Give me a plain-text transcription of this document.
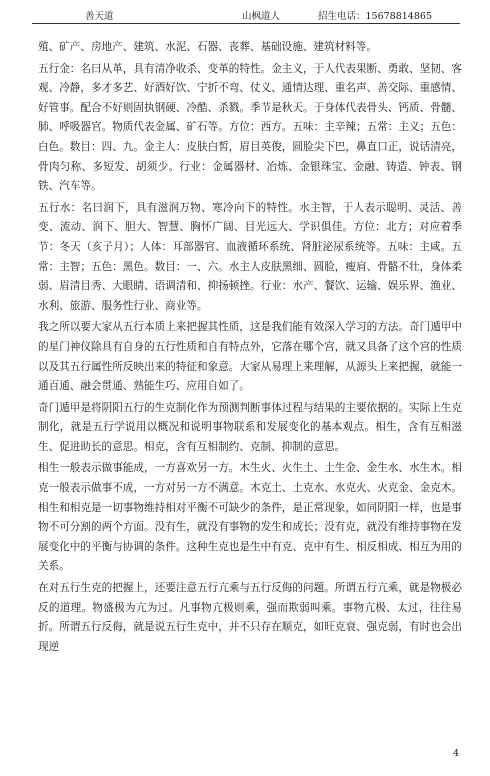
善天道	山枫道人	招生电话：15678814865

殖、矿产、房地产、建筑、水泥、石器、丧葬、基础设施、建筑材料等。

五行金：名曰从革，具有清净收杀、变革的特性。金主义，于人代表果断、勇敢、坚韧、客观、冷静，多才多艺、好酒好饮、宁折不弯、仗义、通情达理、重名声、善交际、重感情、好管事。配合不好则固执钢硬、冷酷、杀戮。季节是秋天。于身体代表骨头、钙质、骨髓、肺、呼吸器官。物质代表金属、矿石等。方位：西方。五味：主辛辣；五常：主义；五色：白色。数目：四、九。金主人：皮肤白皙，眉目英俊，圆脸尖下巴，鼻直口正，说话清亮，骨肉匀称、多短发、胡须少。行业：金属器材、冶炼、金银珠宝、金融、铸造、钟表、钢铁、汽车等。

五行水：名曰润下，具有滋润万物、寒冷向下的特性。水主智，于人表示聪明、灵活、善变、流动、润下、胆大、智慧、胸怀广阔、目光远大、学识俱佳。方位：北方；对应着季节：冬天（亥子月）；人体：耳部器官、血液循环系统、肾脏泌尿系统等。五味：主咸。五常：主智；五色：黑色。数目：一、六。水主人皮肤黑细、圆脸，瘦肩、骨骼不壮，身体柔弱、眉清目秀、大眼睛、语调清和、抑扬顿挫。行业：水产、餐饮、运输、娱乐界、渔业、水利、旅游、服务性行业、商业等。

我之所以要大家从五行本质上来把握其性质，这是我们能有效深入学习的方法。奇门遁甲中的星门神仪除具有自身的五行性质和自有特点外，它落在哪个宫，就又具备了这个宫的性质以及其五行属性所反映出来的特征和象意。大家从易理上来理解，从源头上来把握，就能一通百通、融会贯通、熟能生巧、应用自如了。

奇门遁甲是将阴阳五行的生克制化作为预测判断事体过程与结果的主要依据的。实际上生克制化，就是五行学说用以概况和说明事物联系和发展变化的基本观点。相生，含有互相滋生、促进助长的意思。相克，含有互相制约、克制、抑制的意思。

相生一般表示做事能成，一方喜欢另一方。木生火、火生土、土生金、金生水、水生木。相克一般表示做事不成，一方对另一方不满意。木克土、土克水、水克火、火克金、金克木。相生和相克是一切事物维持相对平衡不可缺少的条件，是正常现象，如同阴阳一样，也是事物不可分割的两个方面。没有生，就没有事物的发生和成长；没有克，就没有维持事物在发展变化中的平衡与协调的条件。这种生克也是生中有克、克中有生、相反相成、相互为用的关系。

在对五行生克的把握上，还要注意五行亢乘与五行反侮的问题。所谓五行亢乘，就是物极必反的道理。物盛极为亢为过。凡事物亢极则乘，强而欺弱叫乘。事物亢极、太过，往往易折。所谓五行反侮，就是说五行生克中，并不只存在顺克，如旺克衰、强克弱，有时也会出现逆

4
